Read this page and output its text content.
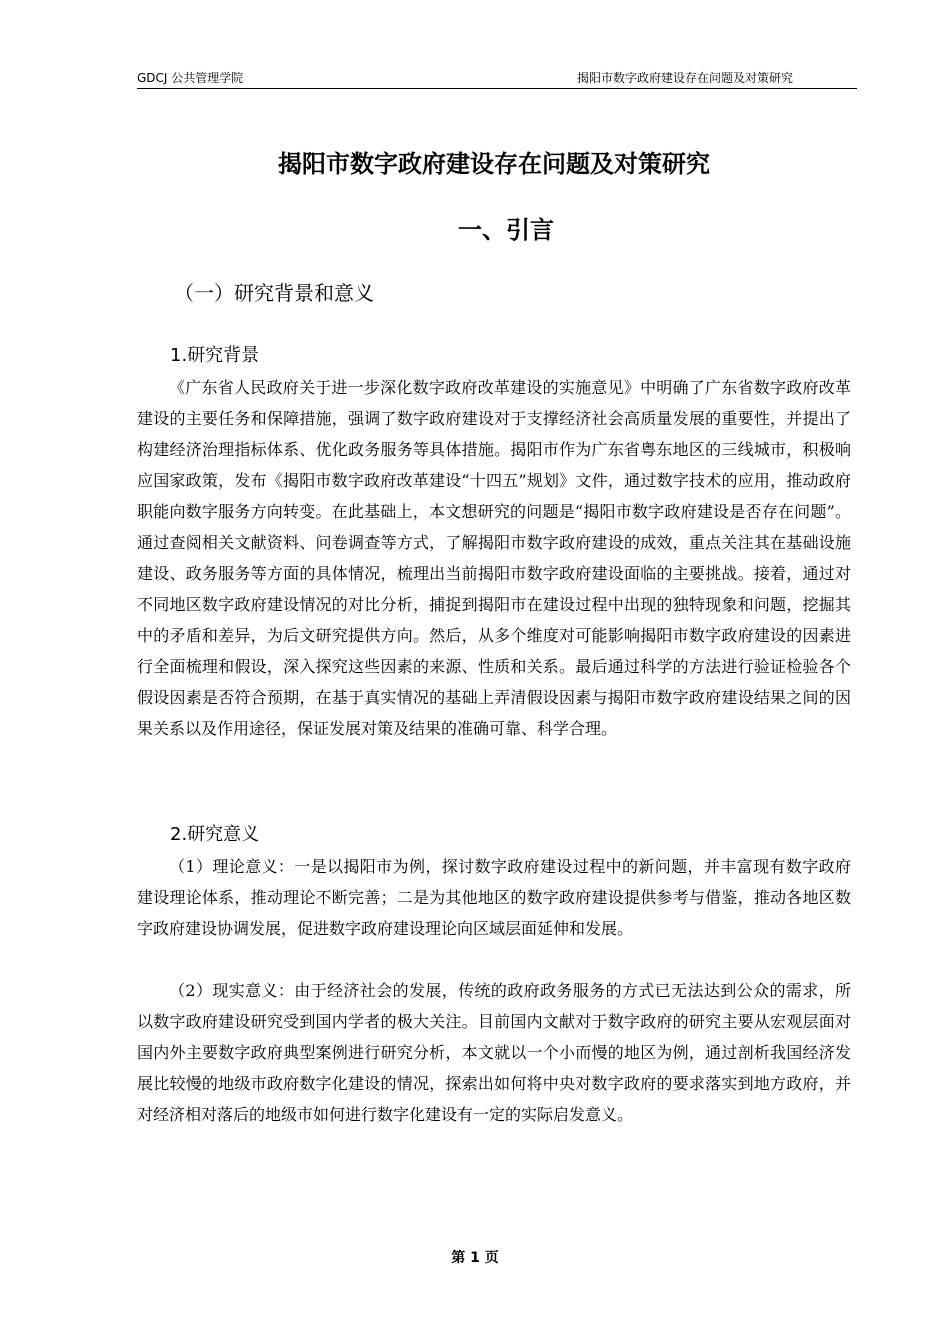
GDCJ 公共管理学院	揭阳市数字政府建设存在问题及对策研究
揭阳市数字政府建设存在问题及对策研究
一、引言
（一）研究背景和意义
1.研究背景

《广东省人民政府关于进一步深化数字政府改革建设的实施意见》中明确了广东省数字政府改革建设的主要任务和保障措施，强调了数字政府建设对于支撑经济社会高质量发展的重要性，并提出了构建经济治理指标体系、优化政务服务等具体措施。揭阳市作为广东省粤东地区的三线城市，积极响应国家政策，发布《揭阳市数字政府改革建设“十四五”规划》文件，通过数字技术的应用，推动政府职能向数字服务方向转变。在此基础上，本文想研究的问题是“揭阳市数字政府建设是否存在问题”。通过查阅相关文献资料、问卷调查等方式，了解揭阳市数字政府建设的成效，重点关注其在基础设施建设、政务服务等方面的具体情况，梳理出当前揭阳市数字政府建设面临的主要挑战。接着，通过对不同地区数字政府建设情况的对比分析，捕捉到揭阳市在建设过程中出现的独特现象和问题，挖掘其中的矛盾和差异，为后文研究提供方向。然后，从多个维度对可能影响揭阳市数字政府建设的因素进行全面梳理和假设，深入探究这些因素的来源、性质和关系。最后通过科学的方法进行验证检验各个假设因素是否符合预期，在基于真实情况的基础上弄清假设因素与揭阳市数字政府建设结果之间的因果关系以及作用途径，保证发展对策及结果的准确可靠、科学合理。

2.研究意义

（1）理论意义：一是以揭阳市为例，探讨数字政府建设过程中的新问题，并丰富现有数字政府建设理论体系，推动理论不断完善；二是为其他地区的数字政府建设提供参考与借鉴，推动各地区数字政府建设协调发展，促进数字政府建设理论向区域层面延伸和发展。

（2）现实意义：由于经济社会的发展，传统的政府政务服务的方式已无法达到公众的需求，所以数字政府建设研究受到国内学者的极大关注。目前国内文献对于数字政府的研究主要从宏观层面对国内外主要数字政府典型案例进行研究分析，本文就以一个小而慢的地区为例，通过剖析我国经济发展比较慢的地级市政府数字化建设的情况，探索出如何将中央对数字政府的要求落实到地方政府，并对经济相对落后的地级市如何进行数字化建设有一定的实际启发意义。

第 1 页
